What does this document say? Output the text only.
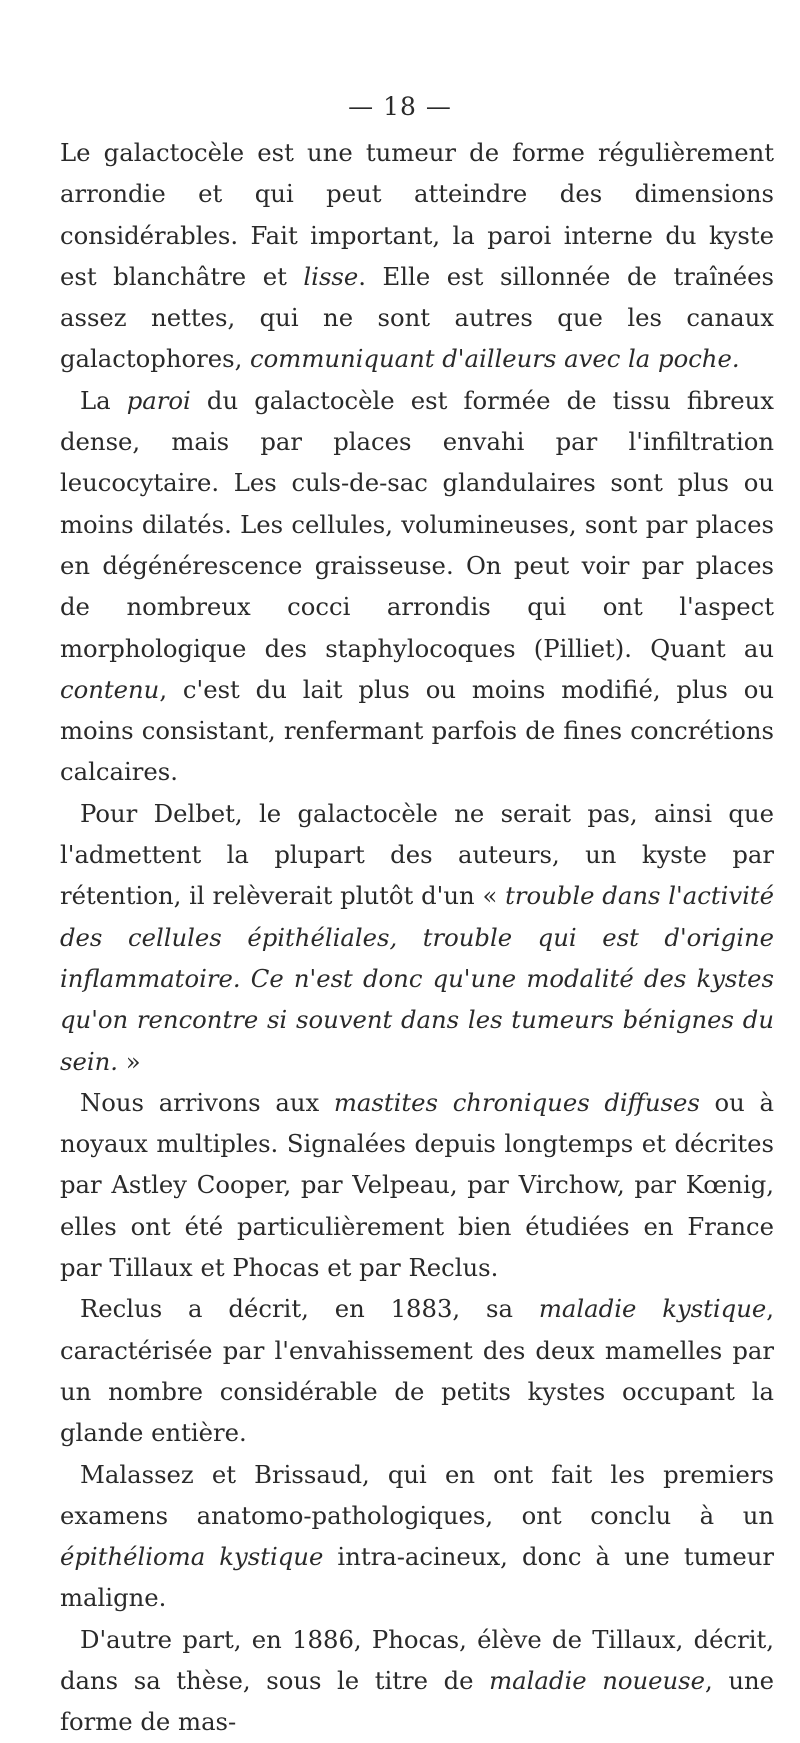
— 18 —

Le galactocèle est une tumeur de forme régulièrement arrondie et qui peut atteindre des dimensions considérables. Fait important, la paroi interne du kyste est blanchâtre et lisse. Elle est sillonnée de traînées assez nettes, qui ne sont autres que les canaux galactophores, communiquant d'ailleurs avec la poche.

La paroi du galactocèle est formée de tissu fibreux dense, mais par places envahi par l'infiltration leucocytaire. Les culs-de-sac glandulaires sont plus ou moins dilatés. Les cellules, volumineuses, sont par places en dégénérescence graisseuse. On peut voir par places de nombreux cocci arrondis qui ont l'aspect morphologique des staphylocoques (Pilliet). Quant au contenu, c'est du lait plus ou moins modifié, plus ou moins consistant, renfermant parfois de fines concrétions calcaires.

Pour Delbet, le galactocèle ne serait pas, ainsi que l'admettent la plupart des auteurs, un kyste par rétention, il relèverait plutôt d'un « trouble dans l'activité des cellules épithéliales, trouble qui est d'origine inflammatoire. Ce n'est donc qu'une modalité des kystes qu'on rencontre si souvent dans les tumeurs bénignes du sein. »

Nous arrivons aux mastites chroniques diffuses ou à noyaux multiples. Signalées depuis longtemps et décrites par Astley Cooper, par Velpeau, par Virchow, par Kœnig, elles ont été particulièrement bien étudiées en France par Tillaux et Phocas et par Reclus.

Reclus a décrit, en 1883, sa maladie kystique, caractérisée par l'envahissement des deux mamelles par un nombre considérable de petits kystes occupant la glande entière.

Malassez et Brissaud, qui en ont fait les premiers examens anatomo-pathologiques, ont conclu à un épithélioma kystique intra-acineux, donc à une tumeur maligne.

D'autre part, en 1886, Phocas, élève de Tillaux, décrit, dans sa thèse, sous le titre de maladie noueuse, une forme de mas-
